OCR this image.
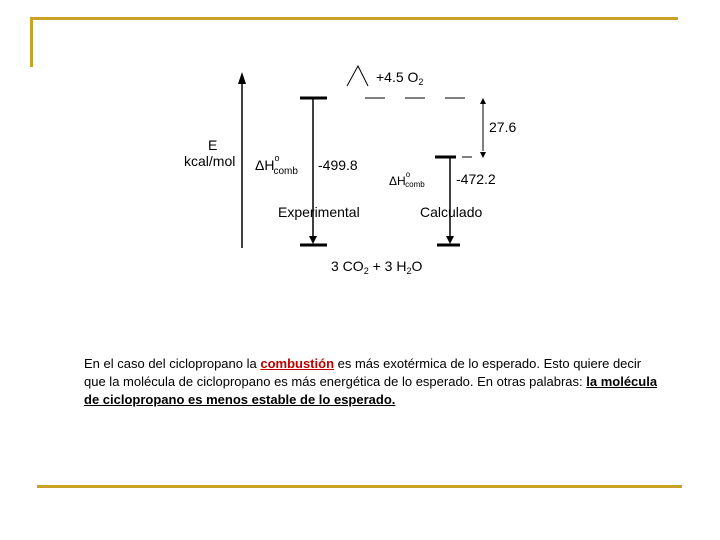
E
kcal/mol
+4.5 $O_2$
27.6
$\Delta H^o$ comb -499.8
Experimental
$\Delta H^o$ comb -472.2
Calculado
3 $CO_2 + 3$ $H_2O$

En el caso del ciclopropano la combustión es más exotérmica de lo esperado. Esto quiere decir que la molécula de ciclopropano es más energética de lo esperado. En otras palabras: la molécula de ciclopropano es menos estable de lo esperado.
